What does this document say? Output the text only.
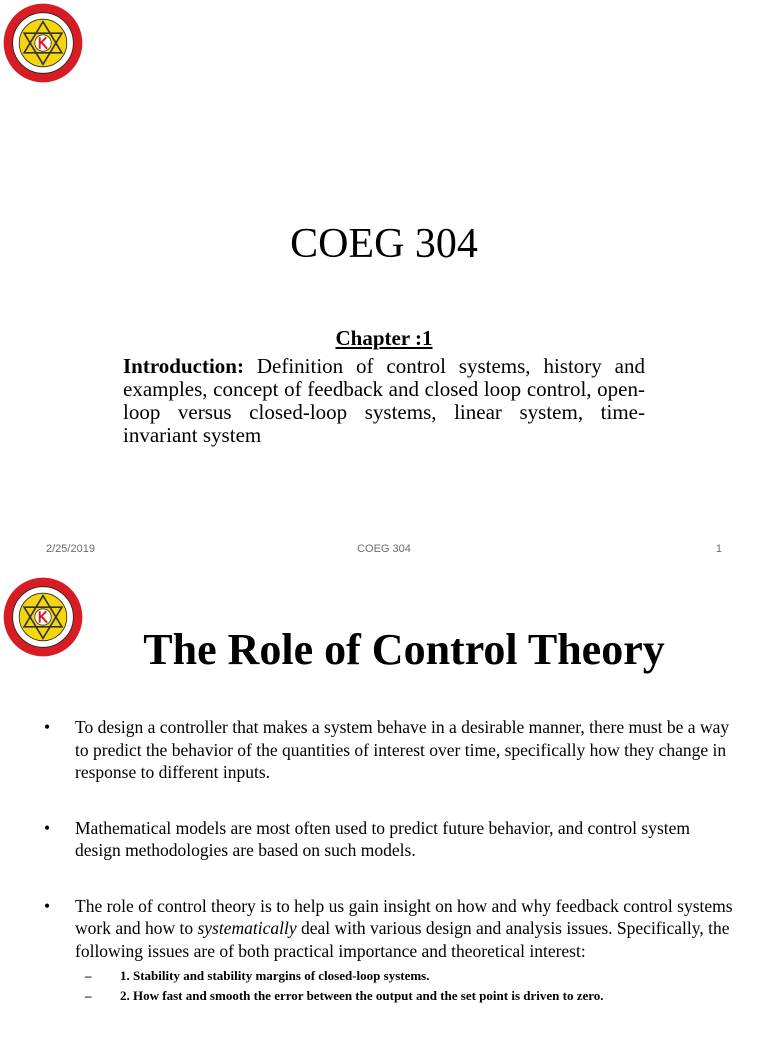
COEG 304
Chapter :1
Introduction: Definition of control systems, history and examples, concept of feedback and closed loop control, open-loop versus closed-loop systems, linear system, time-invariant system
2/25/2019	COEG 304	1
The Role of Control Theory
• To design a controller that makes a system behave in a desirable manner, there must be a way to predict the behavior of the quantities of interest over time, specifically how they change in response to different inputs.
• Mathematical models are most often used to predict future behavior, and control system design methodologies are based on such models.
• The role of control theory is to help us gain insight on how and why feedback control systems work and how to systematically deal with various design and analysis issues. Specifically, the following issues are of both practical importance and theoretical interest:
– 1. Stability and stability margins of closed-loop systems.
– 2. How fast and smooth the error between the output and the set point is driven to zero.
